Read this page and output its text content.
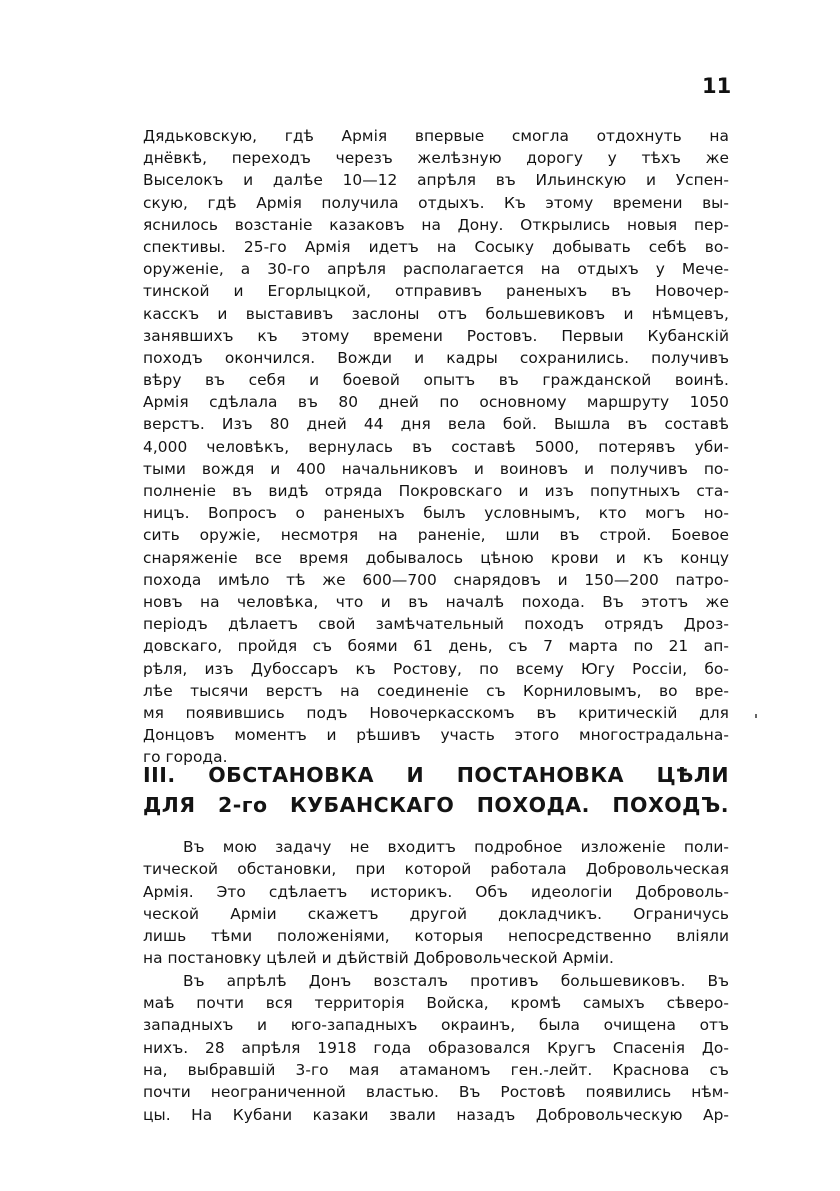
11
Дядьковскую, гдѣ Армія впервые смогла отдохнуть на
днёвкѣ, переходъ черезъ желѣзную дорогу у тѣхъ же
Выселокъ и далѣе 10—12 апрѣля въ Ильинскую и Успен-
скую, гдѣ Армія получила отдыхъ. Къ этому времени вы-
яснилось возстаніе казаковъ на Дону. Открылись новыя пер-
спективы. 25-го Армія идетъ на Сосыку добывать себѣ во-
оруженіе, а 30-го апрѣля располагается на отдыхъ у Мече-
тинской и Егорлыцкой, отправивъ раненыхъ въ Новочер-
касскъ и выставивъ заслоны отъ большевиковъ и нѣмцевъ,
занявшихъ къ этому времени Ростовъ. Первыи Кубанскій
походъ окончился. Вожди и кадры сохранились. получивъ
вѣру въ себя и боевой опытъ въ гражданской воинѣ.
Армія сдѣлала въ 80 дней по основному маршруту 1050
верстъ. Изъ 80 дней 44 дня вела бой. Вышла въ составѣ
4,000 человѣкъ, вернулась въ составѣ 5000, потерявъ уби-
тыми вождя и 400 начальниковъ и воиновъ и получивъ по-
полненіе въ видѣ отряда Покровскаго и изъ попутныхъ ста-
ницъ. Вопросъ о раненыхъ былъ условнымъ, кто могъ но-
сить оружіе, несмотря на раненіе, шли въ строй. Боевое
снаряженіе все время добывалось цѣною крови и къ концу
похода имѣло тѣ же 600—700 снарядовъ и 150—200 патро-
новъ на человѣка, что и въ началѣ похода. Въ этотъ же
періодъ дѣлаетъ свой замѣчательный походъ отрядъ Дроз-
довскаго, пройдя съ боями 61 день, съ 7 марта по 21 ап-
рѣля, изъ Дубоссаръ къ Ростову, по всему Югу Россіи, бо-
лѣе тысячи верстъ на соединеніе съ Корниловымъ, во вре-
мя появившись подъ Новочеркасскомъ въ критическій для
Донцовъ моментъ и рѣшивъ участь этого многострадальна-
го города.
III. ОБСТАНОВКА И ПОСТАНОВКА ЦѢЛИ
ДЛЯ 2-го КУБАНСКАГО ПОХОДА. ПОХОДЪ.
Въ мою задачу не входитъ подробное изложеніе поли-
тической обстановки, при которой работала Добровольческая
Армія. Это сдѣлаетъ историкъ. Объ идеологіи Доброволь-
ческой Арміи скажетъ другой докладчикъ. Ограничусь
лишь тѣми положеніями, которыя непосредственно вліяли
на постановку цѣлей и дѣйствій Добровольческой Арміи.
Въ апрѣлѣ Донъ возсталъ противъ большевиковъ. Въ
маѣ почти вся территорія Войска, кромѣ самыхъ сѣверо-
западныхъ и юго-западныхъ окраинъ, была очищена отъ
нихъ. 28 апрѣля 1918 года образовался Кругъ Спасенія До-
на, выбравшій 3-го мая атаманомъ ген.-лейт. Краснова съ
почти неограниченной властью. Въ Ростовѣ появились нѣм-
цы. На Кубани казаки звали назадъ Добровольческую Ар-
